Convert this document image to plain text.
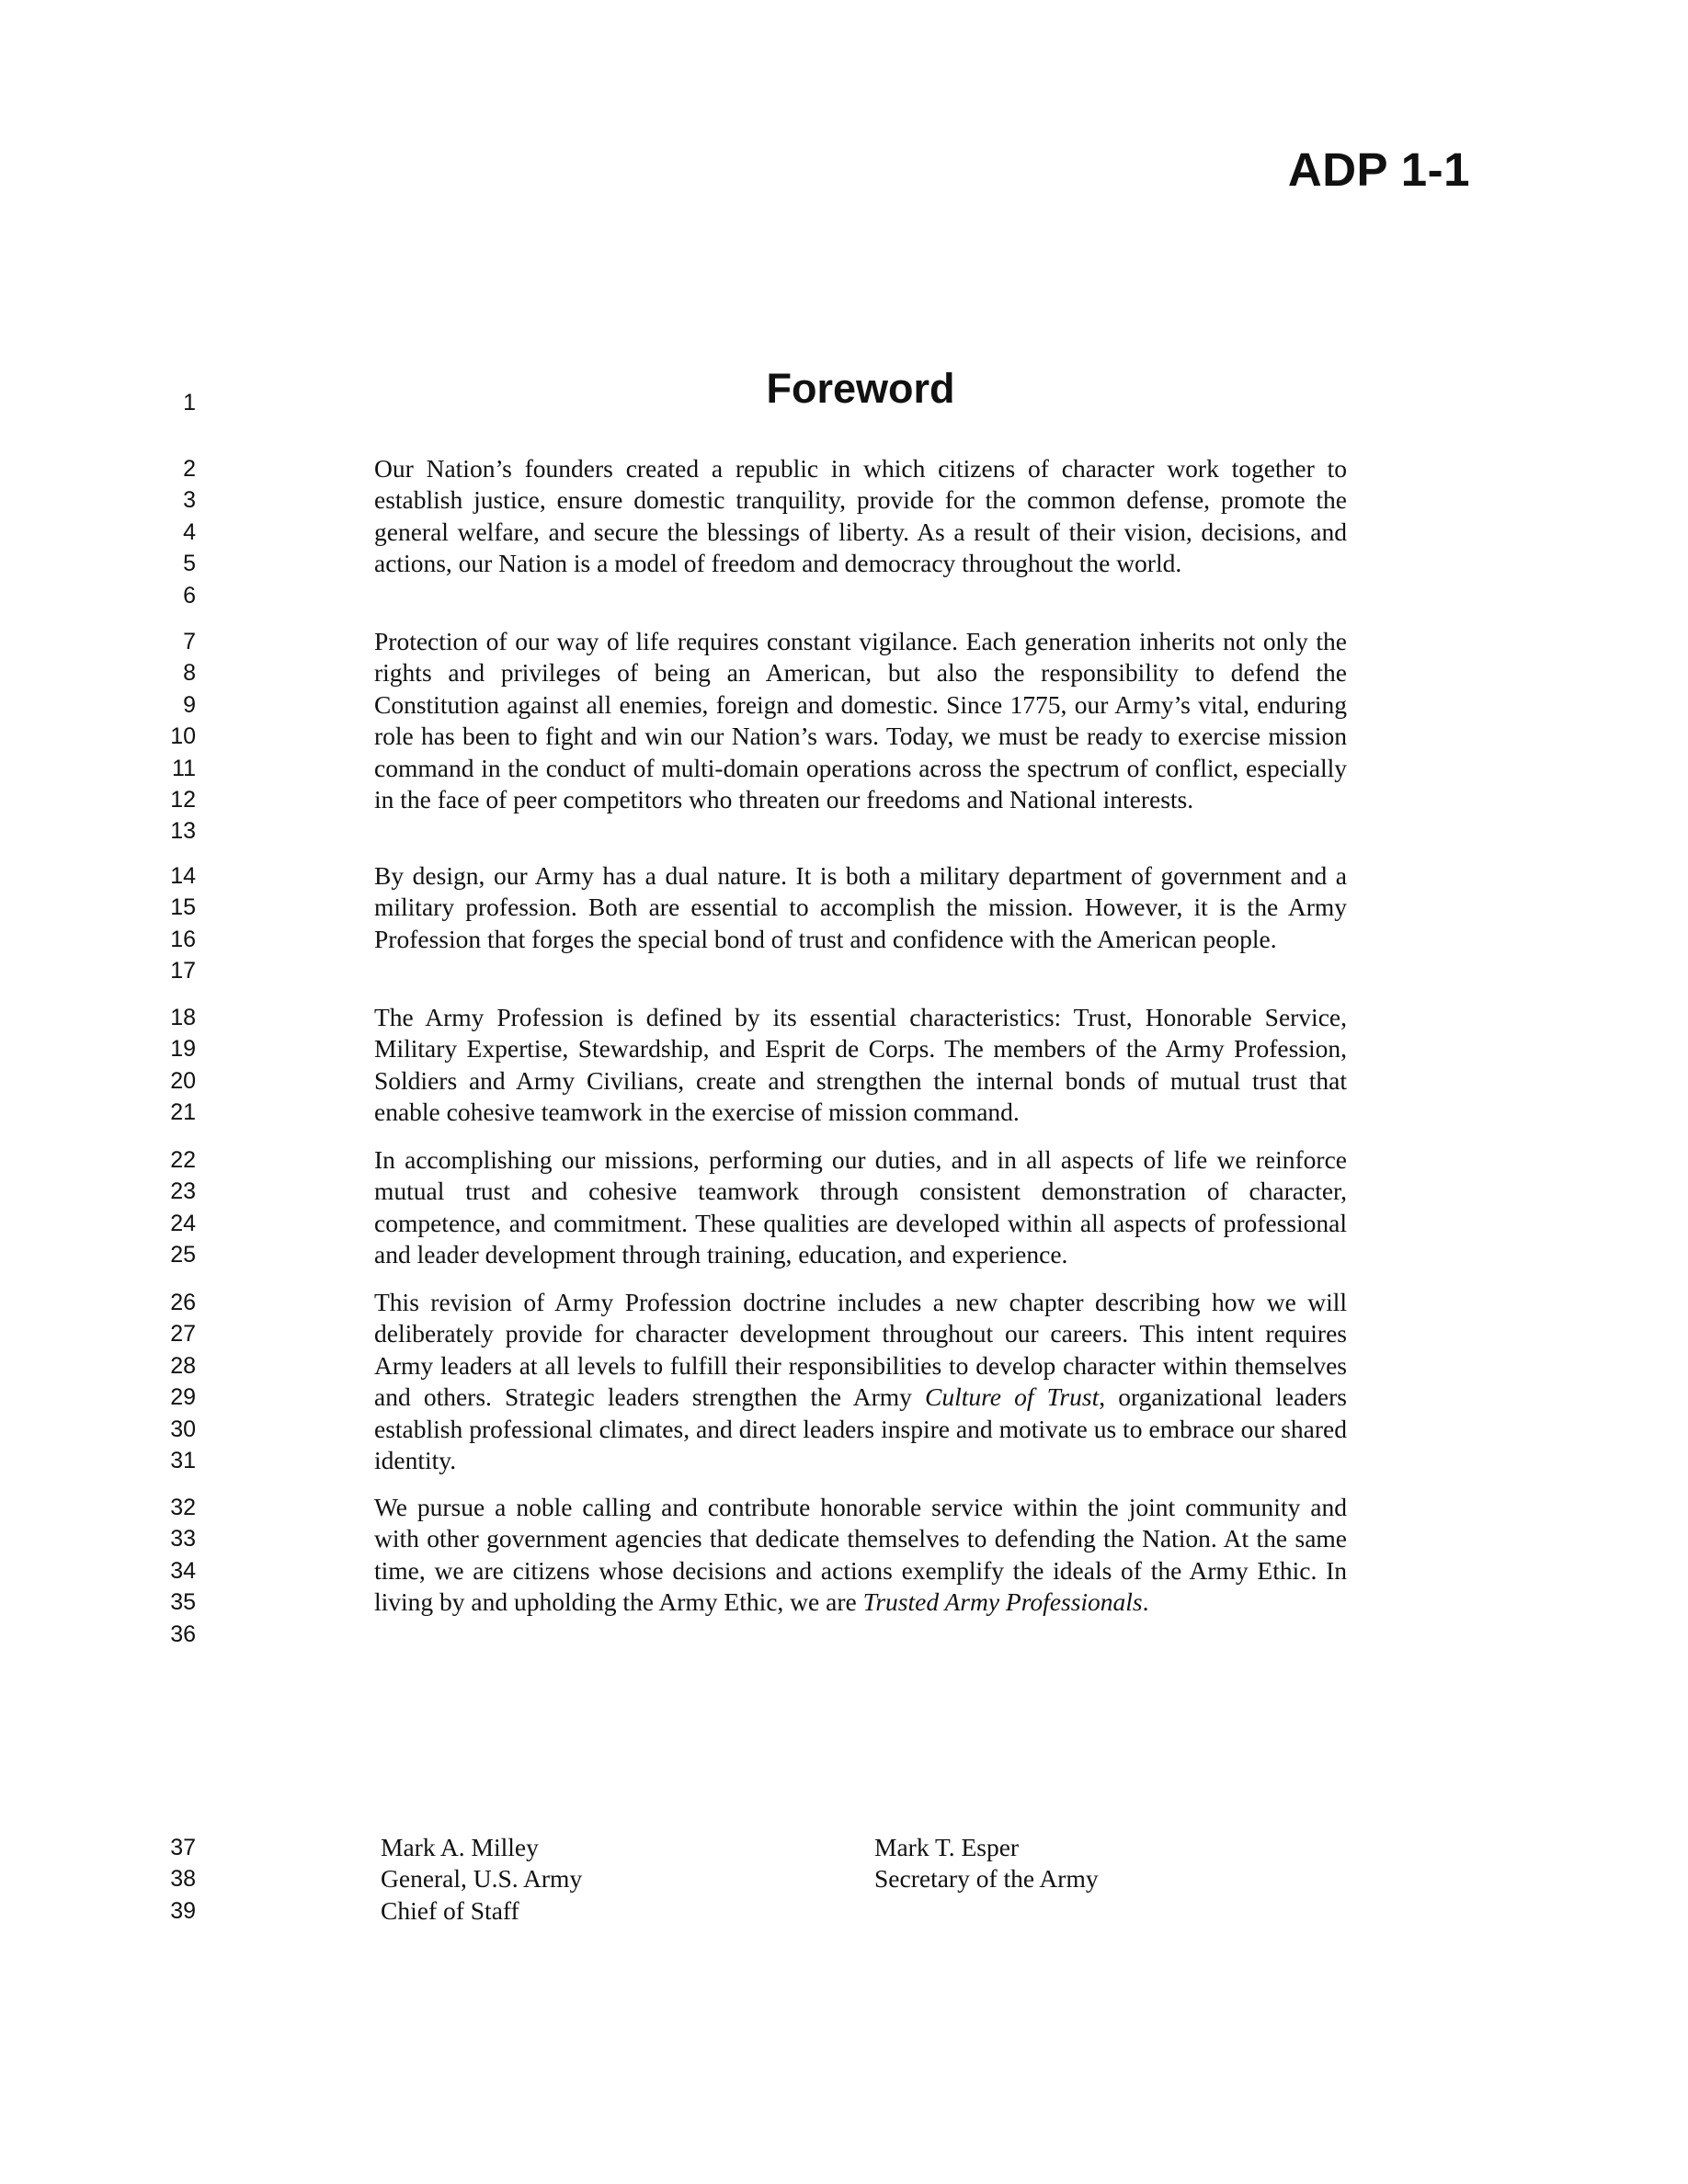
ADP 1-1
1	Foreword
2
3
4
5
6

Our Nation’s founders created a republic in which citizens of character work together to establish justice, ensure domestic tranquility, provide for the common defense, promote the general welfare, and secure the blessings of liberty. As a result of their vision, decisions, and actions, our Nation is a model of freedom and democracy throughout the world.

7
8
9
10
11
12
13

Protection of our way of life requires constant vigilance. Each generation inherits not only the rights and privileges of being an American, but also the responsibility to defend the Constitution against all enemies, foreign and domestic. Since 1775, our Army’s vital, enduring role has been to fight and win our Nation’s wars. Today, we must be ready to exercise mission command in the conduct of multi-domain operations across the spectrum of conflict, especially in the face of peer competitors who threaten our freedoms and National interests.

14
15
16
17

By design, our Army has a dual nature. It is both a military department of government and a military profession. Both are essential to accomplish the mission. However, it is the Army Profession that forges the special bond of trust and confidence with the American people.

18
19
20
21

The Army Profession is defined by its essential characteristics: Trust, Honorable Service, Military Expertise, Stewardship, and Esprit de Corps. The members of the Army Profession, Soldiers and Army Civilians, create and strengthen the internal bonds of mutual trust that enable cohesive teamwork in the exercise of mission command.

22
23
24
25

In accomplishing our missions, performing our duties, and in all aspects of life we reinforce mutual trust and cohesive teamwork through consistent demonstration of character, competence, and commitment. These qualities are developed within all aspects of professional and leader development through training, education, and experience.

26
27
28
29
30
31

This revision of Army Profession doctrine includes a new chapter describing how we will deliberately provide for character development throughout our careers. This intent requires Army leaders at all levels to fulfill their responsibilities to develop character within themselves and others. Strategic leaders strengthen the Army Culture of Trust, organizational leaders establish professional climates, and direct leaders inspire and motivate us to embrace our shared identity.

32
33
34
35
36

We pursue a noble calling and contribute honorable service within the joint community and with other government agencies that dedicate themselves to defending the Nation. At the same time, we are citizens whose decisions and actions exemplify the ideals of the Army Ethic. In living by and upholding the Army Ethic, we are Trusted Army Professionals.

37
38
39
Mark A. Milley
General, U.S. Army
Chief of Staff
Mark T. Esper
Secretary of the Army
